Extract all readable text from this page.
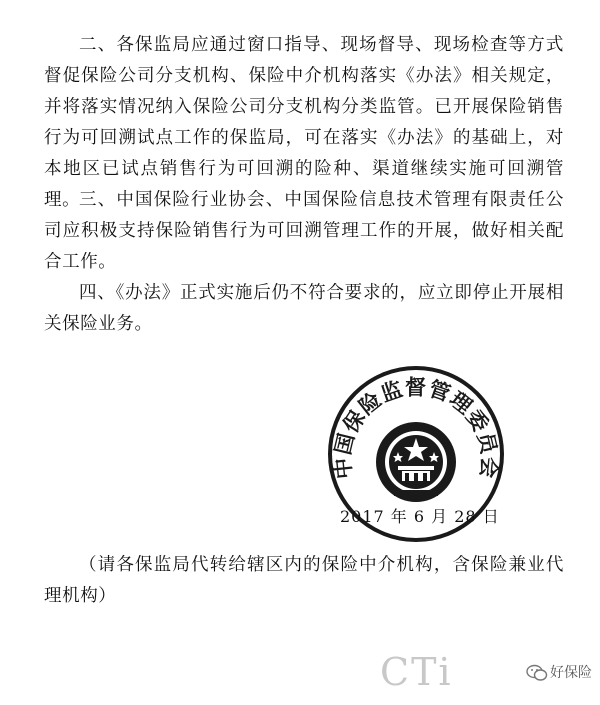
二、各保监局应通过窗口指导、现场督导、现场检查等方式督促保险公司分支机构、保险中介机构落实《办法》相关规定，并将落实情况纳入保险公司分支机构分类监管。已开展保险销售行为可回溯试点工作的保监局，可在落实《办法》的基础上，对本地区已试点销售行为可回溯的险种、渠道继续实施可回溯管理。

三、中国保险行业协会、中国保险信息技术管理有限责任公司应积极支持保险销售行为可回溯管理工作的开展，做好相关配合工作。

四、《办法》正式实施后仍不符合要求的，应立即停止开展相关保险业务。

中国保险监督管理委员会
2017 年 6 月 28 日

（请各保监局代转给辖区内的保险中介机构，含保险兼业代理机构）

CTi	好保险
